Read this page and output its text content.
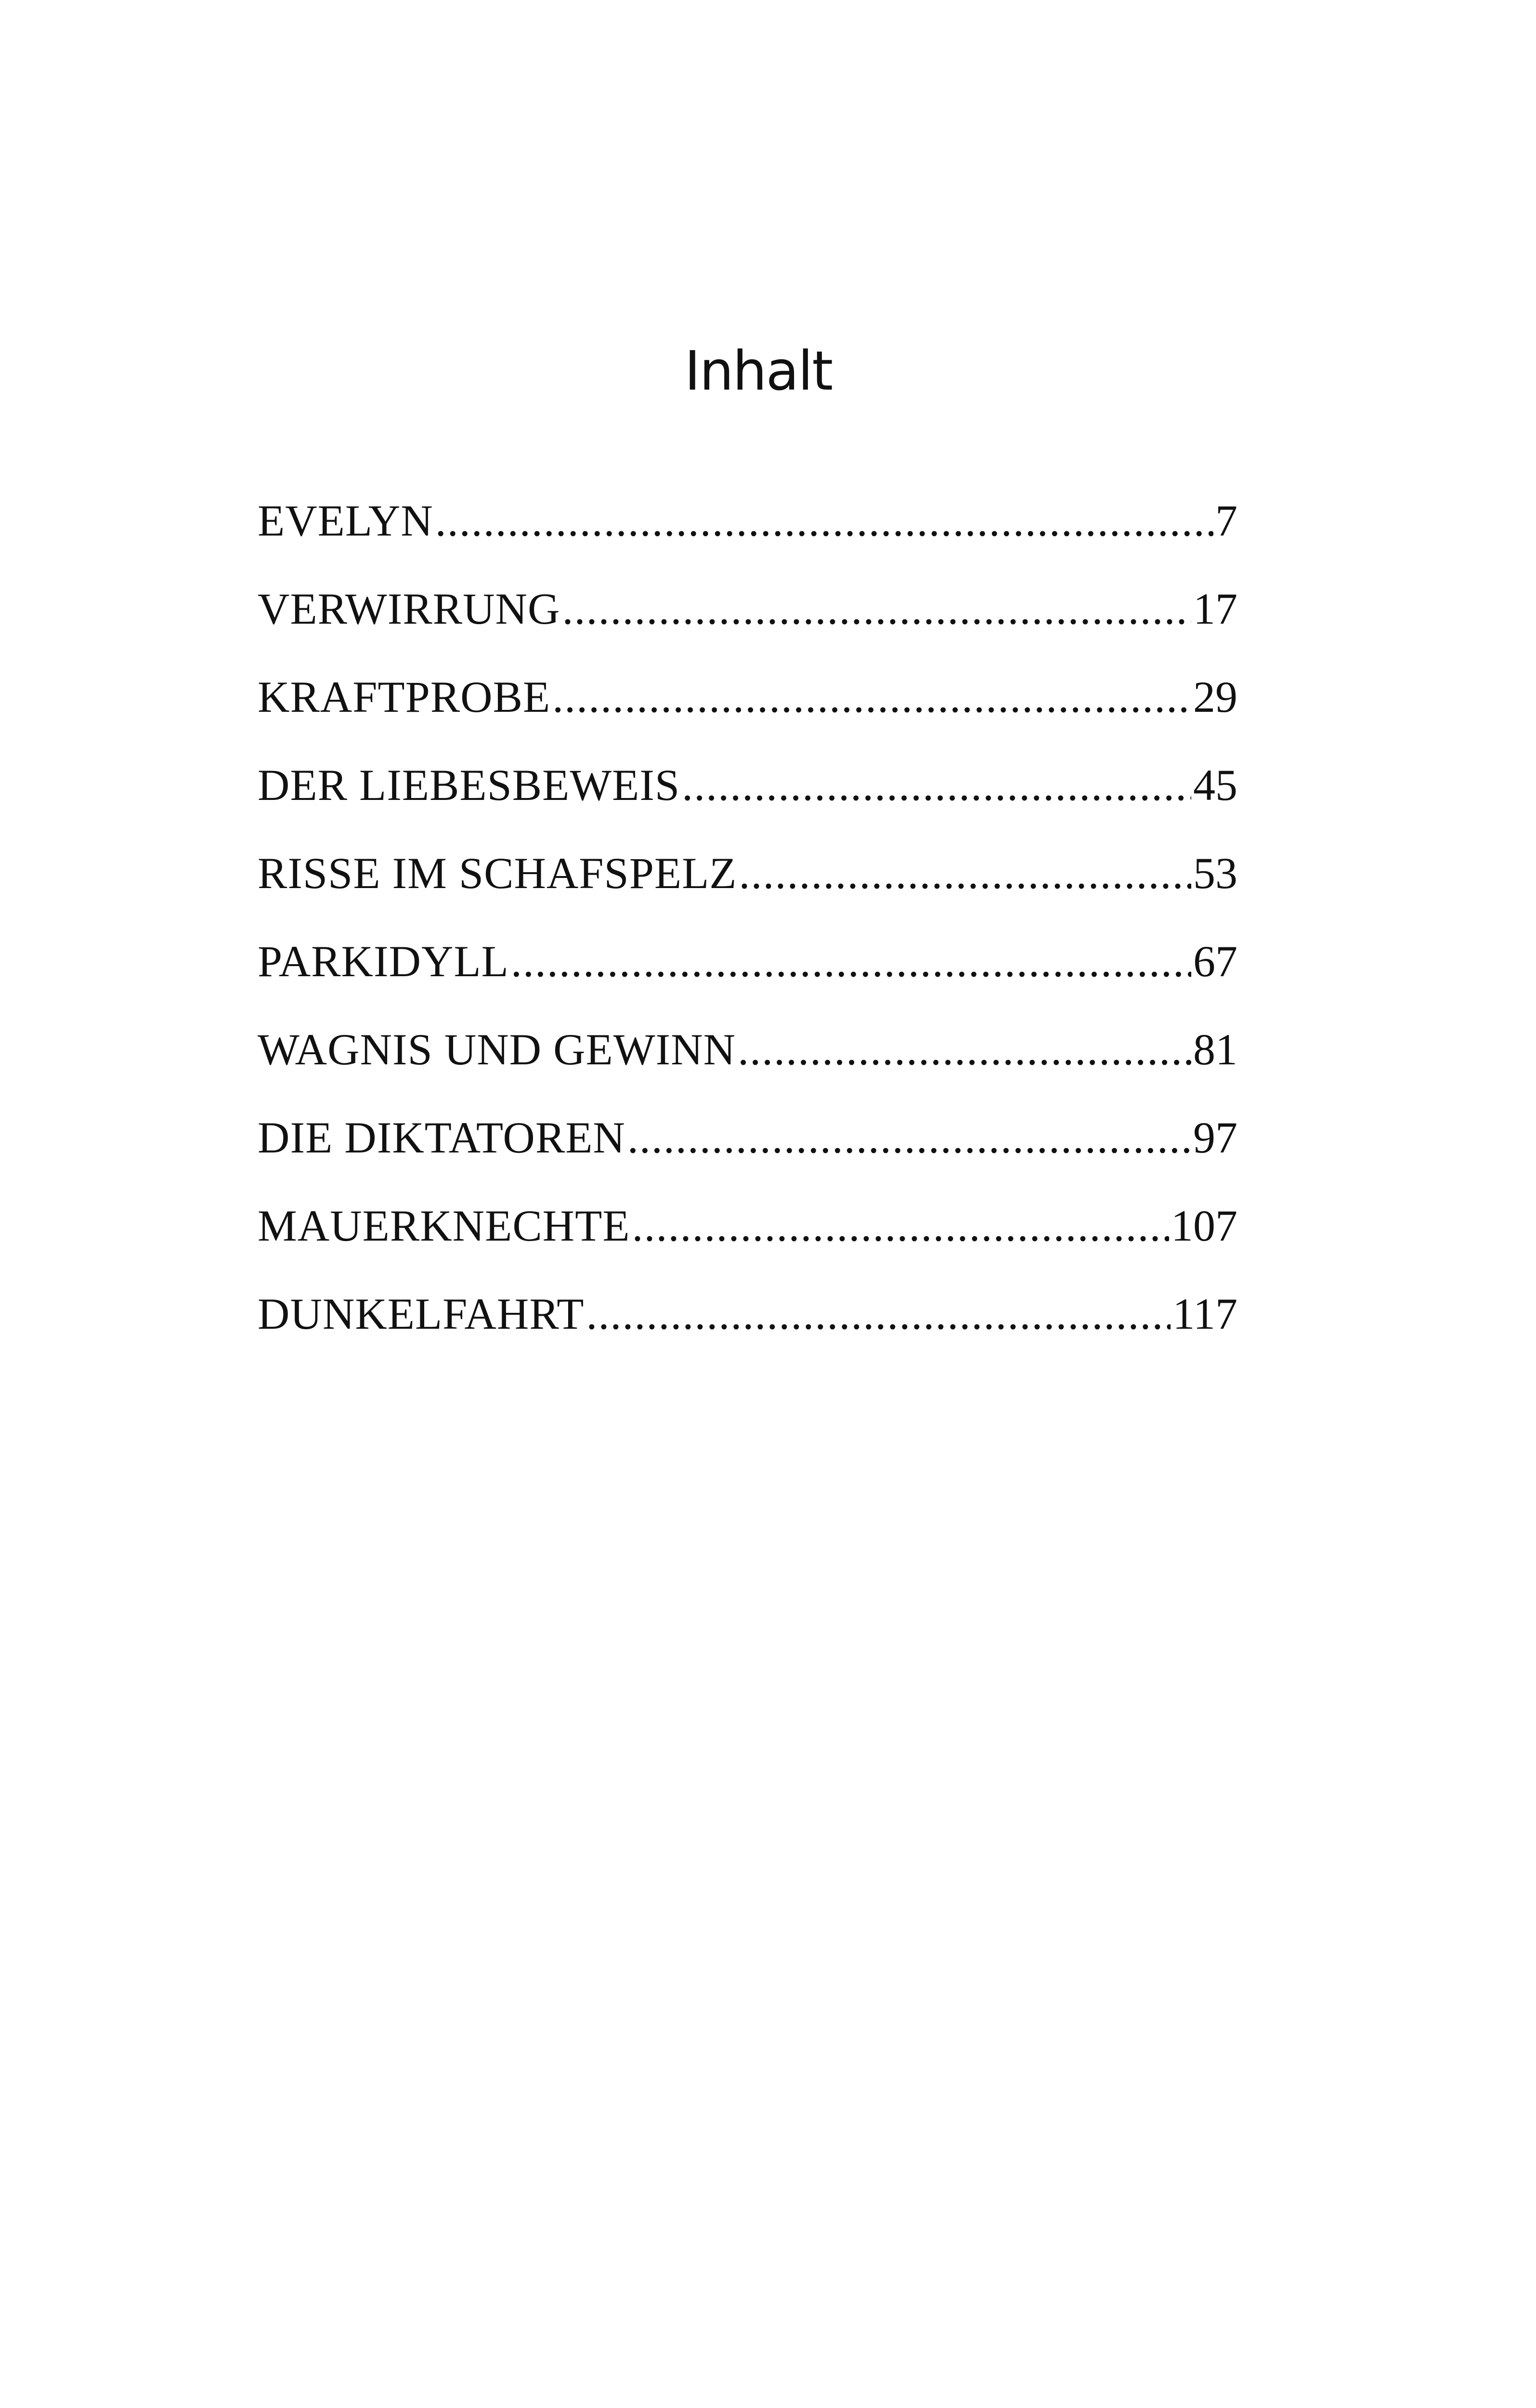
Inhalt
EVELYN .....	7
VERWIRRUNG .....	17
KRAFTPROBE .....	29
DER LIEBESBEWEIS .....	45
RISSE IM SCHAFSPELZ .....	53
PARKIDYLL .....	67
WAGNIS UND GEWINN .....	81
DIE DIKTATOREN .....	97
MAUERKNECHTE .....	107
DUNKELFAHRT .....	117
